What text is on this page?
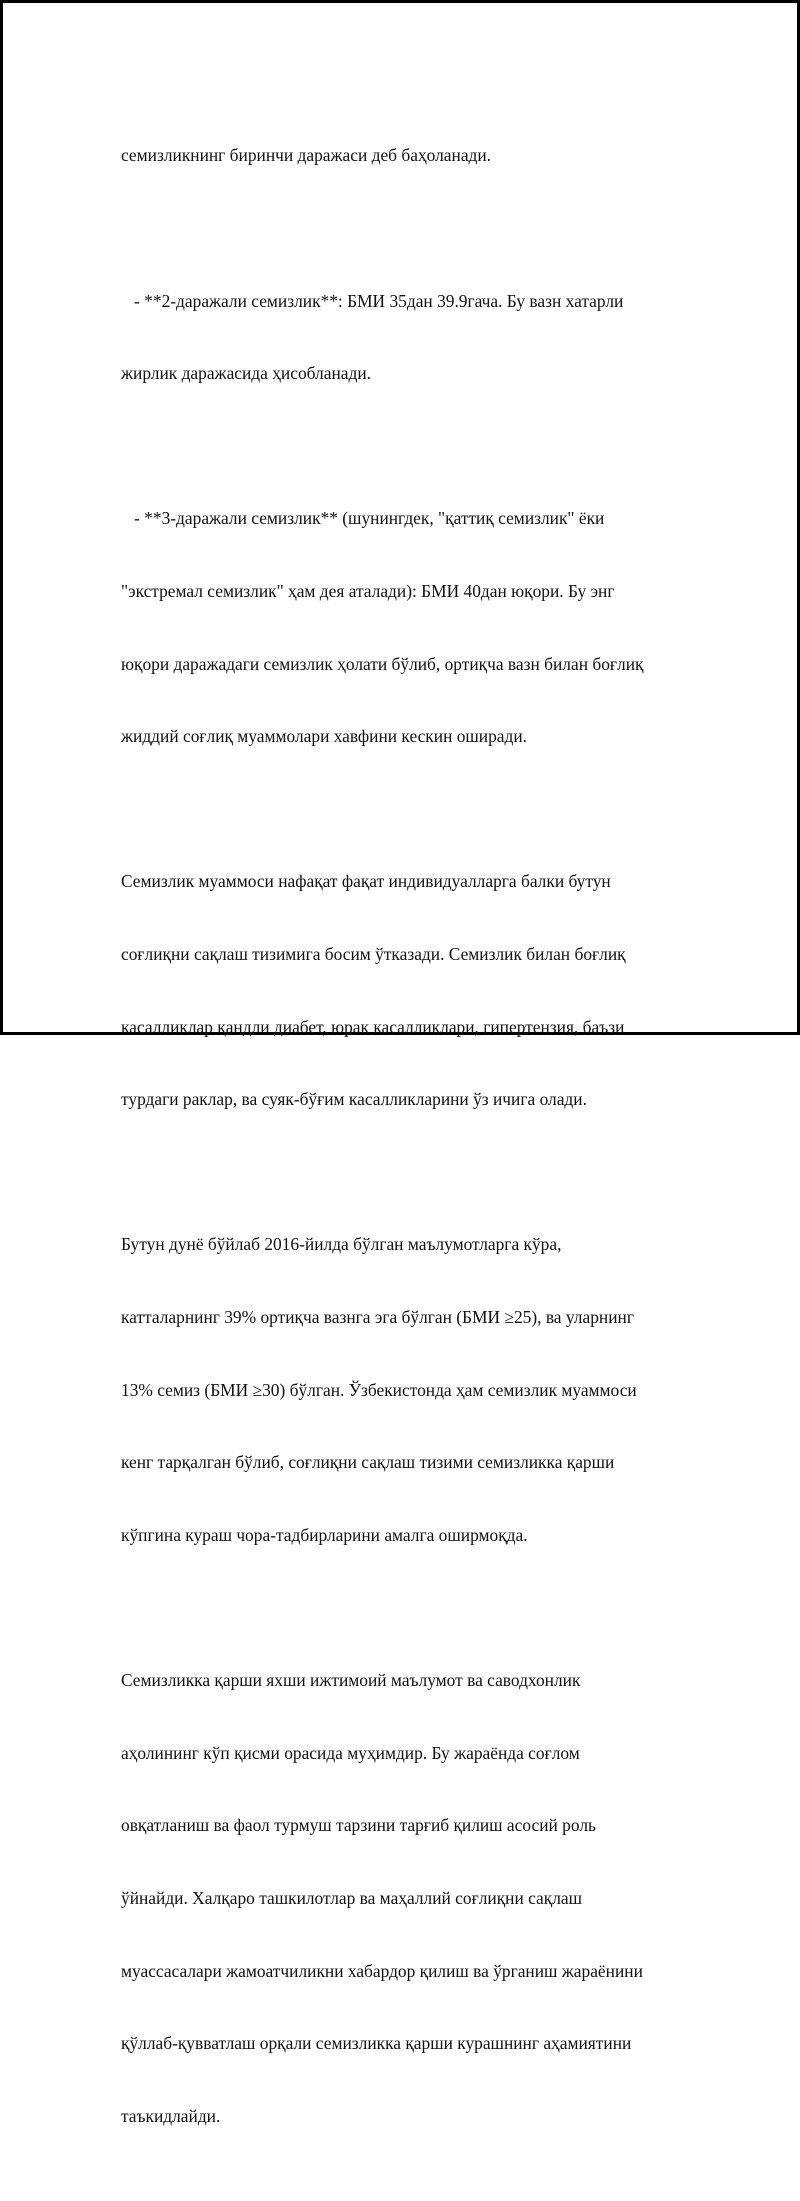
семизликнинг биринчи даражаси деб баҳоланади.

- **2-даражали семизлик**: БМИ 35дан 39.9гача. Бу вазн хатарли

жирлик даражасида ҳисобланади.

- **3-даражали семизлик** (шунингдек, "қаттиқ семизлик" ёки

"экстремал семизлик" ҳам дея аталади): БМИ 40дан юқори. Бу энг

юқори даражадаги семизлик ҳолати бўлиб, ортиқча вазн билан боғлиқ

жиддий соғлиқ муаммолари хавфини кескин оширади.

Семизлик муаммоси нафақат фақат индивидуалларга балки бутун

соғлиқни сақлаш тизимига босим ўтказади. Семизлик билан боғлиқ

касалликлар қандли диабет, юрак касалликлари, гипертензия, баъзи

турдаги раклар, ва суяк-бўғим касалликларини ўз ичига олади.

Бутун дунё бўйлаб 2016-йилда бўлган маълумотларга кўра,

катталарнинг 39% ортиқча вазнга эга бўлган (БМИ ≥25), ва уларнинг

13% семиз (БМИ ≥30) бўлган. Ўзбекистонда ҳам семизлик муаммоси

кенг тарқалган бўлиб, соғлиқни сақлаш тизими семизликка қарши

кўпгина кураш чора-тадбирларини амалга оширмоқда.

Семизликка қарши яхши ижтимоий маълумот ва саводхонлик

аҳолининг кўп қисми орасида муҳимдир. Бу жараёнда соғлом

овқатланиш ва фаол турмуш тарзини тарғиб қилиш асосий роль

ўйнайди. Халқаро ташкилотлар ва маҳаллий соғлиқни сақлаш

муассасалари жамоатчиликни хабардор қилиш ва ўрганиш жараёнини

қўллаб-қувватлаш орқали семизликка қарши курашнинг аҳамиятини

таъкидлайди.
